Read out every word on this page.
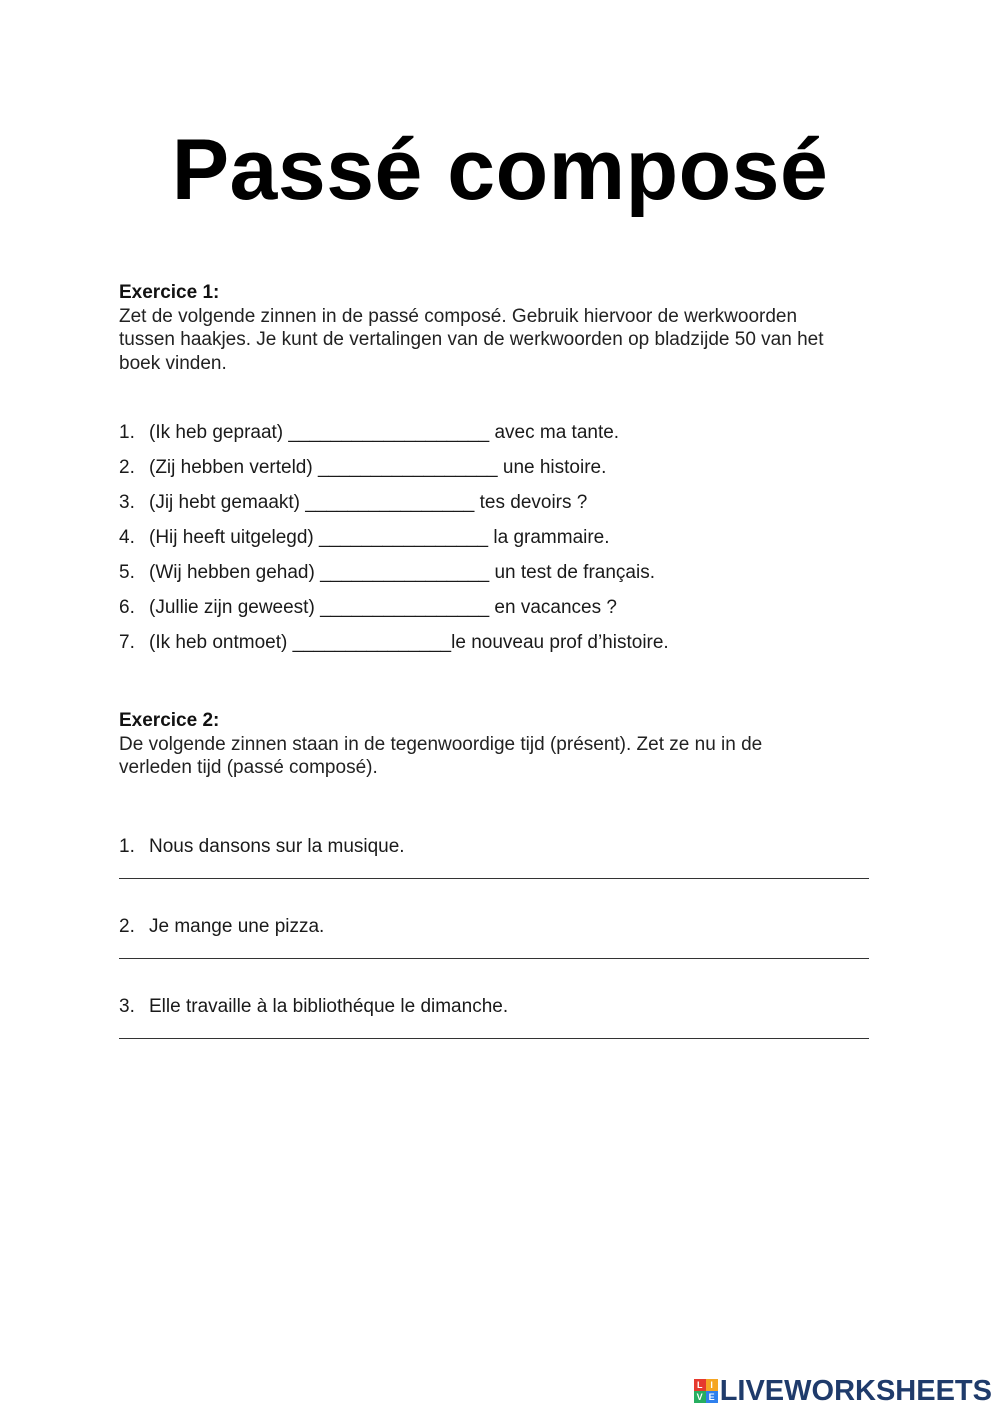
Passé composé
Exercice 1:
Zet de volgende zinnen in de passé composé. Gebruik hiervoor de werkwoorden
tussen haakjes. Je kunt de vertalingen van de werkwoorden op bladzijde 50 van het
boek vinden.
1. (Ik heb gepraat) ___________________ avec ma tante.
2. (Zij hebben verteld) _________________ une histoire.
3. (Jij hebt gemaakt) ________________ tes devoirs ?
4. (Hij heeft uitgelegd) ________________ la grammaire.
5. (Wij hebben gehad) ________________ un test de français.
6. (Jullie zijn geweest) ________________ en vacances ?
7. (Ik heb ontmoet) _______________le nouveau prof d’histoire.
Exercice 2:
De volgende zinnen staan in de tegenwoordige tijd (présent). Zet ze nu in de
verleden tijd (passé composé).
1. Nous dansons sur la musique.
2. Je mange une pizza.
3. Elle travaille à la bibliothéque le dimanche.
L I
V E LIVEWORKSHEETS
